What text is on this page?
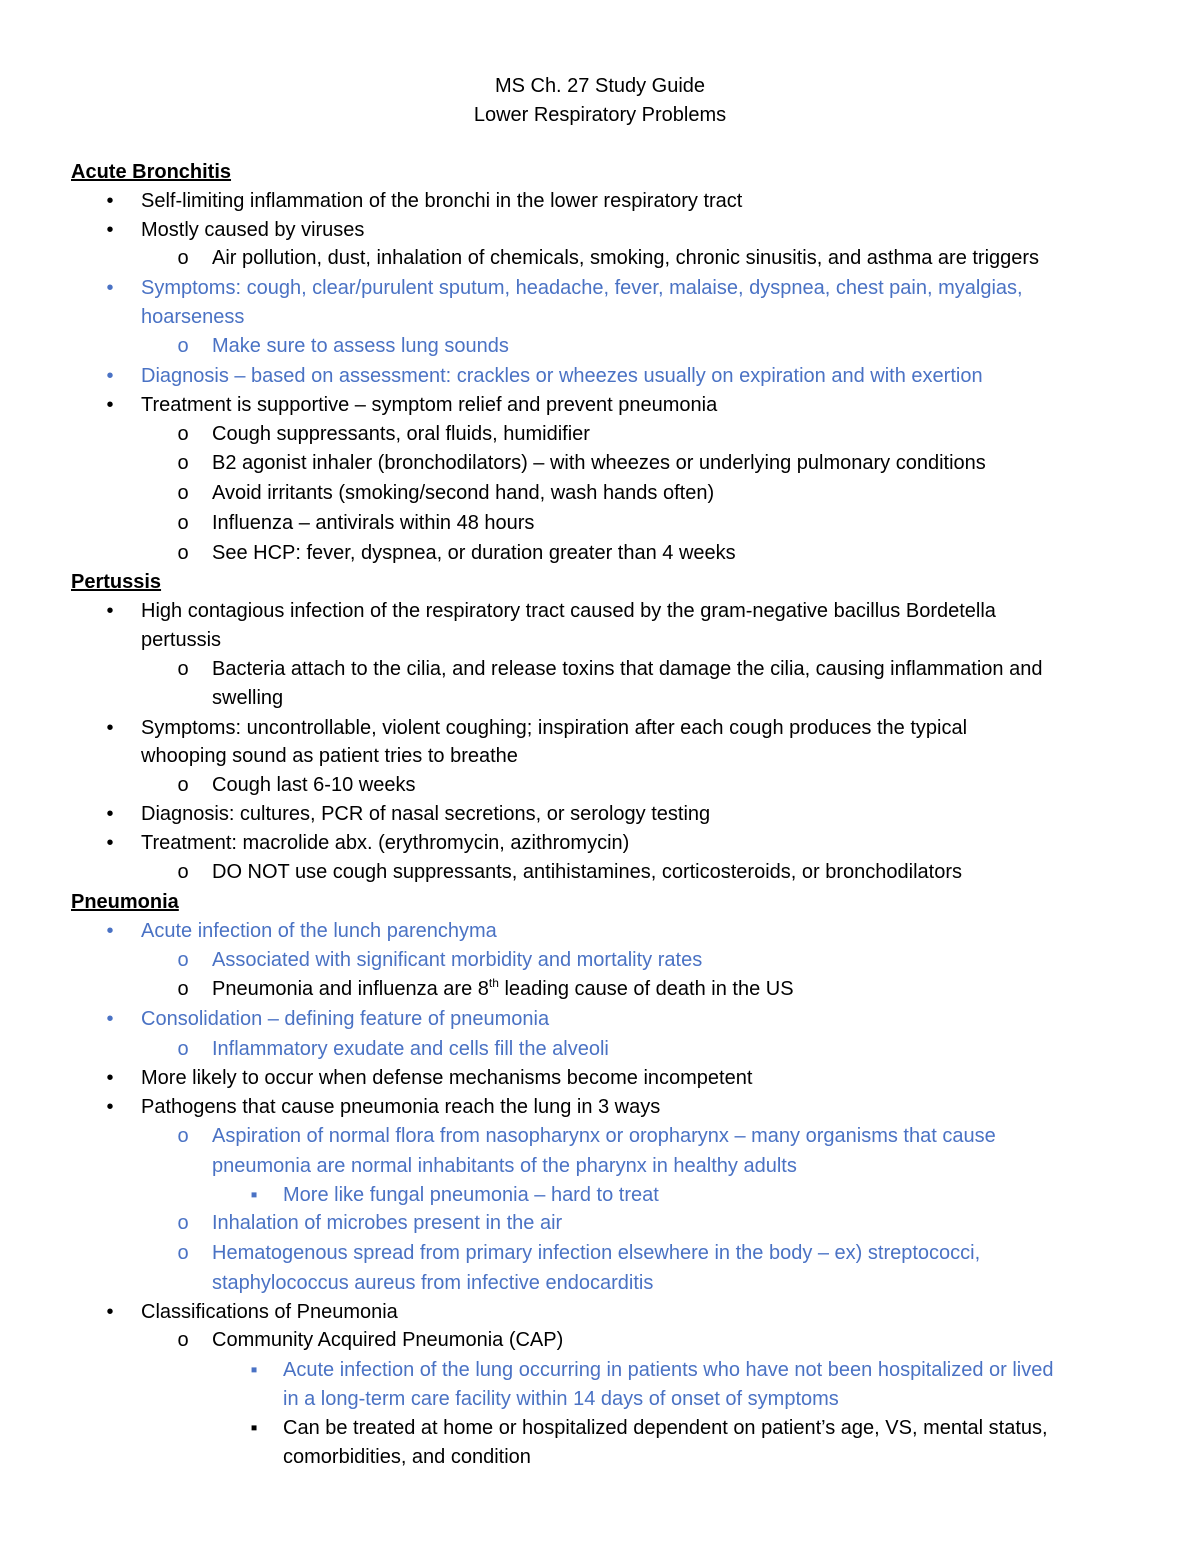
MS Ch. 27 Study Guide
Lower Respiratory Problems
Acute Bronchitis
•	Self-limiting inflammation of the bronchi in the lower respiratory tract
•	Mostly caused by viruses
o Air pollution, dust, inhalation of chemicals, smoking, chronic sinusitis, and asthma are triggers
•	Symptoms: cough, clear/purulent sputum, headache, fever, malaise, dyspnea, chest pain, myalgias,
hoarseness
o Make sure to assess lung sounds
•	Diagnosis – based on assessment: crackles or wheezes usually on expiration and with exertion
•	Treatment is supportive – symptom relief and prevent pneumonia
o Cough suppressants, oral fluids, humidifier
o B2 agonist inhaler (bronchodilators) – with wheezes or underlying pulmonary conditions
o Avoid irritants (smoking/second hand, wash hands often)
o Influenza – antivirals within 48 hours
o See HCP: fever, dyspnea, or duration greater than 4 weeks
Pertussis
•	High contagious infection of the respiratory tract caused by the gram-negative bacillus Bordetella
pertussis
o Bacteria attach to the cilia, and release toxins that damage the cilia, causing inflammation and
swelling
•	Symptoms: uncontrollable, violent coughing; inspiration after each cough produces the typical
whooping sound as patient tries to breathe
o Cough last 6-10 weeks
•	Diagnosis: cultures, PCR of nasal secretions, or serology testing
•	Treatment: macrolide abx. (erythromycin, azithromycin)
o DO NOT use cough suppressants, antihistamines, corticosteroids, or bronchodilators
Pneumonia
•	Acute infection of the lunch parenchyma
o Associated with significant morbidity and mortality rates
o Pneumonia and influenza are 8th leading cause of death in the US
•	Consolidation – defining feature of pneumonia
o Inflammatory exudate and cells fill the alveoli
•	More likely to occur when defense mechanisms become incompetent
•	Pathogens that cause pneumonia reach the lung in 3 ways
o Aspiration of normal flora from nasopharynx or oropharynx – many organisms that cause
pneumonia are normal inhabitants of the pharynx in healthy adults
▪	More like fungal pneumonia – hard to treat
o Inhalation of microbes present in the air
o Hematogenous spread from primary infection elsewhere in the body – ex) streptococci,
staphylococcus aureus from infective endocarditis
•	Classifications of Pneumonia
o Community Acquired Pneumonia (CAP)
▪	Acute infection of the lung occurring in patients who have not been hospitalized or lived
in a long-term care facility within 14 days of onset of symptoms
▪	Can be treated at home or hospitalized dependent on patient’s age, VS, mental status,
comorbidities, and condition
